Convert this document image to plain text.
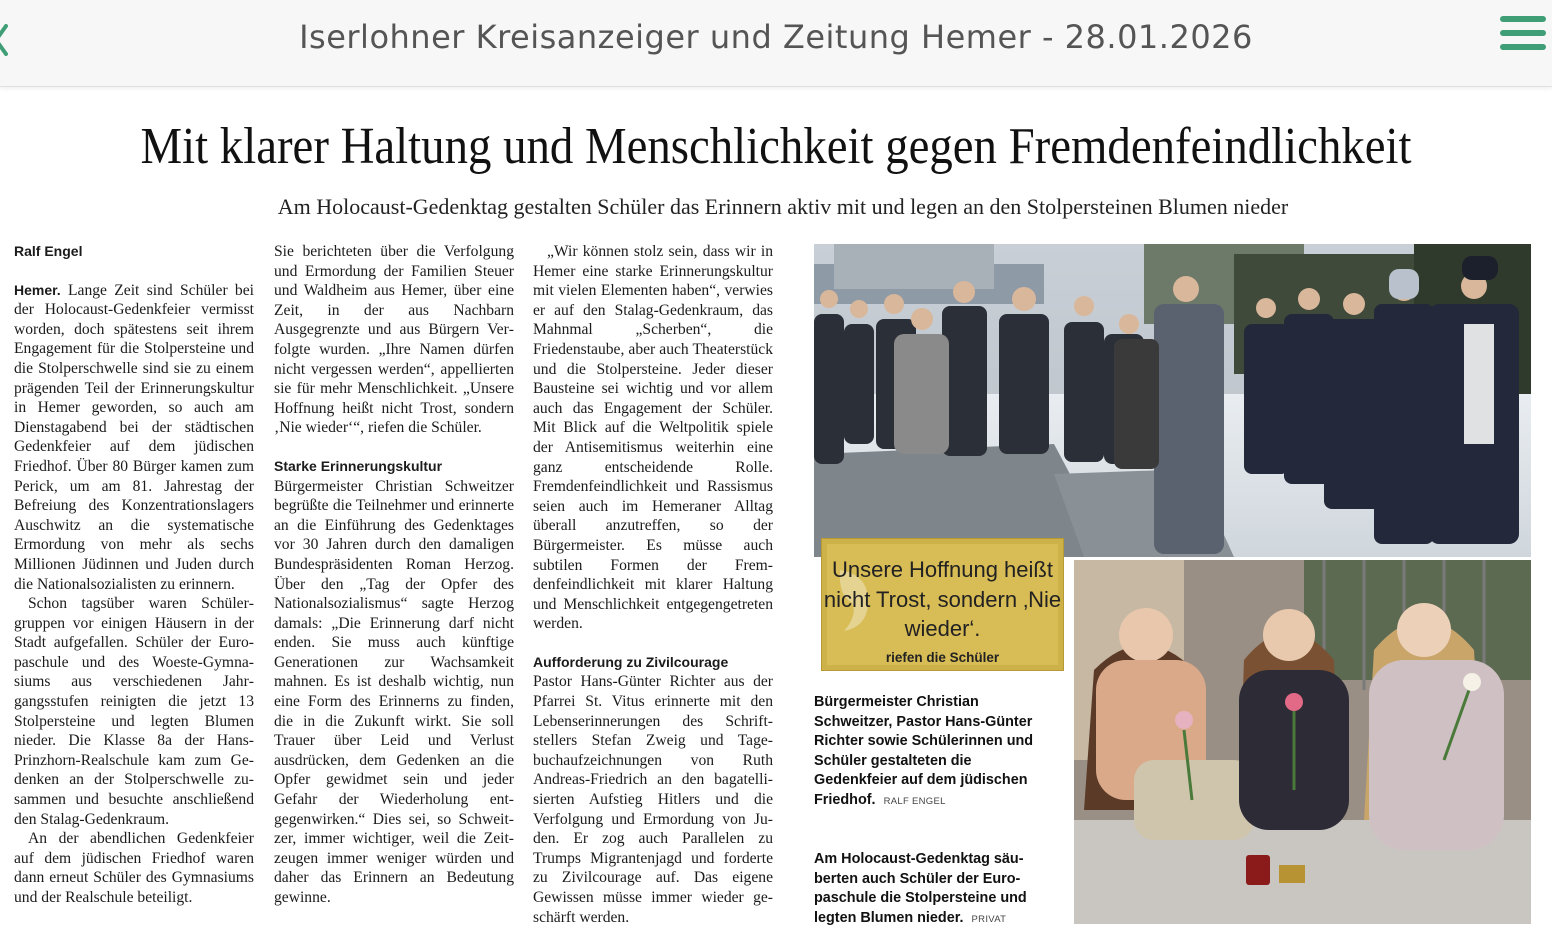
Iserlohner Kreisanzeiger und Zeitung Hemer - 28.01.2026
Mit klarer Haltung und Menschlichkeit gegen Fremdenfeindlichkeit
Am Holocaust-Gedenktag gestalten Schüler das Erinnern aktiv mit und legen an den Stolpersteinen Blumen nieder
Ralf Engel

Hemer. Lange Zeit sind Schüler bei der Holocaust-Gedenkfeier vermisst worden, doch spätestens seit ihrem Engagement für die Stolpersteine und die Stolperschwelle sind sie zu einem prägenden Teil der Erinnerungskultur in Hemer geworden, so auch am Dienstagabend bei der städtischen Gedenkfeier auf dem jüdischen Friedhof. Über 80 Bürger kamen zum Perick, um am 81. Jahrestag der Befreiung des Konzentrationslagers Auschwitz an die systematische Ermordung von mehr als sechs Millionen Jüdinnen und Juden durch die Nationalsozialisten zu erinnern.

Schon tagsüber waren Schülergruppen vor einigen Häusern in der Stadt aufgefallen. Schüler der Europaschule und des Woeste-Gymnasiums aus verschiedenen Jahrgangsstufen reinigten die jetzt 13 Stolpersteine und legten Blumen nieder. Die Klasse 8a der Hans-Prinzhorn-Realschule kam zum Gedenken an der Stolperschwelle zusammen und besuchte anschließend den Stalag-Gedenkraum.

An der abendlichen Gedenkfeier auf dem jüdischen Friedhof waren dann erneut Schüler des Gymnasiums und der Realschule beteiligt.

Sie berichteten über die Verfolgung und Ermordung der Familien Steuer und Waldheim aus Hemer, über eine Zeit, in der aus Nachbarn Ausgegrenzte und aus Bürgern Verfolgte wurden. „Ihre Namen dürfen nicht vergessen werden“, appellierten sie für mehr Menschlichkeit. „Unsere Hoffnung heißt nicht Trost, sondern ‚Nie wieder‘“, riefen die Schüler.

Starke Erinnerungskultur

Bürgermeister Christian Schweitzer begrüßte die Teilnehmer und erinnerte an die Einführung des Gedenktages vor 30 Jahren durch den damaligen Bundespräsidenten Roman Herzog. Über den „Tag der Opfer des Nationalsozialismus“ sagte Herzog damals: „Die Erinnerung darf nicht enden. Sie muss auch künftige Generationen zur Wachsamkeit mahnen. Es ist deshalb wichtig, nun eine Form des Erinnerns zu finden, die in die Zukunft wirkt. Sie soll Trauer über Leid und Verlust ausdrücken, dem Gedenken an die Opfer gewidmet sein und jeder Gefahr der Wiederholung entgegenwirken.“ Dies sei, so Schweitzer, immer wichtiger, weil die Zeitzeugen immer weniger würden und daher das Erinnern an Bedeutung gewinne.

„Wir können stolz sein, dass wir in Hemer eine starke Erinnerungskultur mit vielen Elementen haben“, verwies er auf den Stalag-Gedenkraum, das Mahnmal „Scherben“, die Friedenstaube, aber auch Theaterstück und die Stolpersteine. Jeder dieser Bausteine sei wichtig und vor allem auch das Engagement der Schüler. Mit Blick auf die Weltpolitik spiele der Antisemitismus weiterhin eine ganz entscheidende Rolle. Fremdenfeindlichkeit und Rassismus seien auch im Hemeraner Alltag überall anzutreffen, so der Bürgermeister. Es müsse auch subtilen Formen der Fremdenfeindlichkeit mit klarer Haltung und Menschlichkeit entgegengetreten werden.

Aufforderung zu Zivilcourage

Pastor Hans-Günter Richter aus der Pfarrei St. Vitus erinnerte mit den Lebenserinnerungen des Schriftstellers Stefan Zweig und Tagebuchaufzeichnungen von Ruth Andreas-Friedrich an den bagatellisierten Aufstieg Hitlers und die Verfolgung und Ermordung von Juden. Er zog auch Parallelen zu Trumps Migrantenjagd und forderte zu Zivilcourage auf. Das eigene Gewissen müsse immer wieder geschärft werden.

Unsere Hoffnung heißt nicht Trost, sondern ‚Nie wieder‘.
riefen die Schüler
Bürgermeister Christian Schweitzer, Pastor Hans-Günter Richter sowie Schülerinnen und Schüler gestalteten die Gedenkfeier auf dem jüdischen Friedhof. RALF ENGEL
Am Holocaust-Gedenktag säuberten auch Schüler der Europaschule die Stolpersteine und legten Blumen nieder. PRIVAT
